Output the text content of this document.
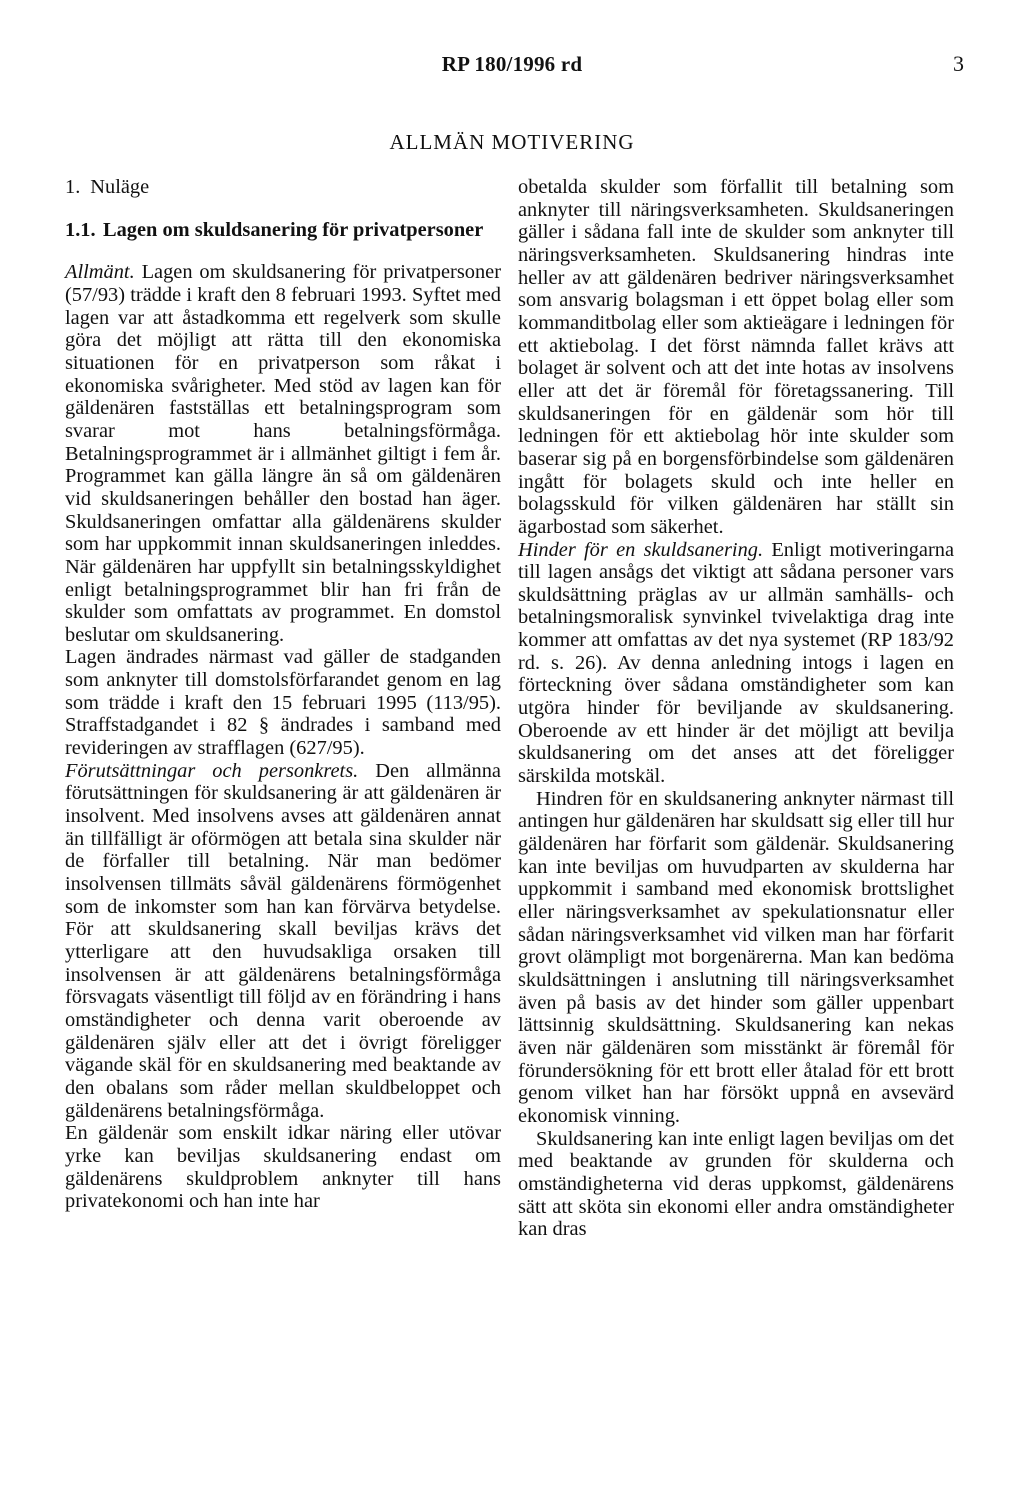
RP 180/1996 rd	3
ALLMÄN MOTIVERING
1. Nuläge
1.1. Lagen om skuldsanering för privatpersoner

Allmänt. Lagen om skuldsanering för privatpersoner (57/93) trädde i kraft den 8 februari 1993. Syftet med lagen var att åstadkomma ett regelverk som skulle göra det möjligt att rätta till den ekonomiska situationen för en privatperson som råkat i ekonomiska svårigheter. Med stöd av lagen kan för gäldenären fastställas ett betalningsprogram som svarar mot hans betalningsförmåga. Betalningsprogrammet är i allmänhet giltigt i fem år. Programmet kan gälla längre än så om gäldenären vid skuldsaneringen behåller den bostad han äger. Skuldsaneringen omfattar alla gäldenärens skulder som har uppkommit innan skuldsaneringen inleddes. När gäldenären har uppfyllt sin betalningsskyldighet enligt betalningsprogrammet blir han fri från de skulder som omfattats av programmet. En domstol beslutar om skuldsanering.

Lagen ändrades närmast vad gäller de stadganden som anknyter till domstolsförfarandet genom en lag som trädde i kraft den 15 februari 1995 (113/95). Straffstadgandet i 82 § ändrades i samband med revideringen av strafflagen (627/95).

Förutsättningar och personkrets. Den allmänna förutsättningen för skuldsanering är att gäldenären är insolvent. Med insolvens avses att gäldenären annat än tillfälligt är oförmögen att betala sina skulder när de förfaller till betalning. När man bedömer insolvensen tillmäts såväl gäldenärens förmögenhet som de inkomster som han kan förvärva betydelse. För att skuldsanering skall beviljas krävs det ytterligare att den huvudsakliga orsaken till insolvensen är att gäldenärens betalningsförmåga försvagats väsentligt till följd av en förändring i hans omständigheter och denna varit oberoende av gäldenären själv eller att det i övrigt föreligger vägande skäl för en skuldsanering med beaktande av den obalans som råder mellan skuldbeloppet och gäldenärens betalningsförmåga.

En gäldenär som enskilt idkar näring eller utövar yrke kan beviljas skuldsanering endast om gäldenärens skuldproblem anknyter till hans privatekonomi och han inte har

obetalda skulder som förfallit till betalning som anknyter till näringsverksamheten. Skuldsaneringen gäller i sådana fall inte de skulder som anknyter till näringsverksamheten. Skuldsanering hindras inte heller av att gäldenären bedriver näringsverksamhet som ansvarig bolagsman i ett öppet bolag eller som kommanditbolag eller som aktieägare i ledningen för ett aktiebolag. I det först nämnda fallet krävs att bolaget är solvent och att det inte hotas av insolvens eller att det är föremål för företagssanering. Till skuldsaneringen för en gäldenär som hör till ledningen för ett aktiebolag hör inte skulder som baserar sig på en borgensförbindelse som gäldenären ingått för bolagets skuld och inte heller en bolagsskuld för vilken gäldenären har ställt sin ägarbostad som säkerhet.

Hinder för en skuldsanering. Enligt motiveringarna till lagen ansågs det viktigt att sådana personer vars skuldsättning präglas av ur allmän samhälls- och betalningsmoralisk synvinkel tvivelaktiga drag inte kommer att omfattas av det nya systemet (RP 183/92 rd. s. 26). Av denna anledning intogs i lagen en förteckning över sådana omständigheter som kan utgöra hinder för beviljande av skuldsanering. Oberoende av ett hinder är det möjligt att bevilja skuldsanering om det anses att det föreligger särskilda motskäl.

Hindren för en skuldsanering anknyter närmast till antingen hur gäldenären har skuldsatt sig eller till hur gäldenären har förfarit som gäldenär. Skuldsanering kan inte beviljas om huvudparten av skulderna har uppkommit i samband med ekonomisk brottslighet eller näringsverksamhet av spekulationsnatur eller sådan näringsverksamhet vid vilken man har förfarit grovt olämpligt mot borgenärerna. Man kan bedöma skuldsättningen i anslutning till näringsverksamhet även på basis av det hinder som gäller uppenbart lättsinnig skuldsättning. Skuldsanering kan nekas även när gäldenären som misstänkt är föremål för förundersökning för ett brott eller åtalad för ett brott genom vilket han har försökt uppnå en avsevärd ekonomisk vinning.

Skuldsanering kan inte enligt lagen beviljas om det med beaktande av grunden för skulderna och omständigheterna vid deras uppkomst, gäldenärens sätt att sköta sin ekonomi eller andra omständigheter kan dras
